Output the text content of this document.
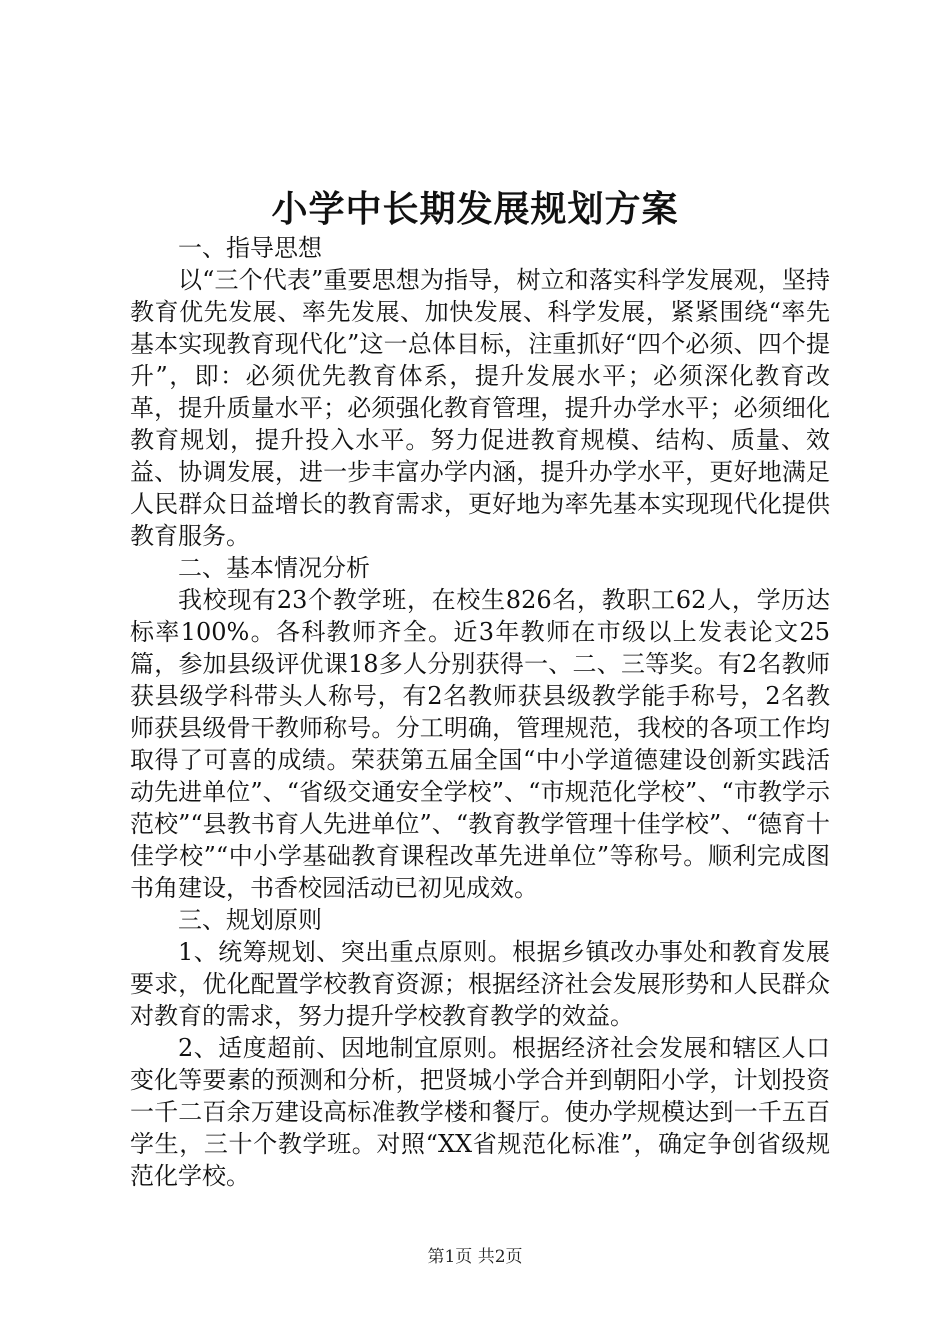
小学中长期发展规划方案

一、指导思想

以“三个代表”重要思想为指导，树立和落实科学发展观，坚持教育优先发展、率先发展、加快发展、科学发展，紧紧围绕“率先基本实现教育现代化”这一总体目标，注重抓好“四个必须、四个提升”，即：必须优先教育体系，提升发展水平；必须深化教育改革，提升质量水平；必须强化教育管理，提升办学水平；必须细化教育规划，提升投入水平。努力促进教育规模、结构、质量、效益、协调发展，进一步丰富办学内涵，提升办学水平，更好地满足人民群众日益增长的教育需求，更好地为率先基本实现现代化提供教育服务。

二、基本情况分析

我校现有23个教学班，在校生826名，教职工62人，学历达标率100%。各科教师齐全。近3年教师在市级以上发表论文25篇，参加县级评优课18多人分别获得一、二、三等奖。有2名教师获县级学科带头人称号，有2名教师获县级教学能手称号，2名教师获县级骨干教师称号。分工明确，管理规范，我校的各项工作均取得了可喜的成绩。荣获第五届全国“中小学道德建设创新实践活动先进单位”、“省级交通安全学校”、“市规范化学校”、“市教学示范校”“县教书育人先进单位”、“教育教学管理十佳学校”、“德育十佳学校”“中小学基础教育课程改革先进单位”等称号。顺利完成图书角建设，书香校园活动已初见成效。

三、规划原则

1、统筹规划、突出重点原则。根据乡镇改办事处和教育发展要求，优化配置学校教育资源；根据经济社会发展形势和人民群众对教育的需求，努力提升学校教育教学的效益。

2、适度超前、因地制宜原则。根据经济社会发展和辖区人口变化等要素的预测和分析，把贤城小学合并到朝阳小学，计划投资一千二百余万建设高标准教学楼和餐厅。使办学规模达到一千五百学生，三十个教学班。对照“XX省规范化标准”，确定争创省级规范化学校。

第1页 共2页
